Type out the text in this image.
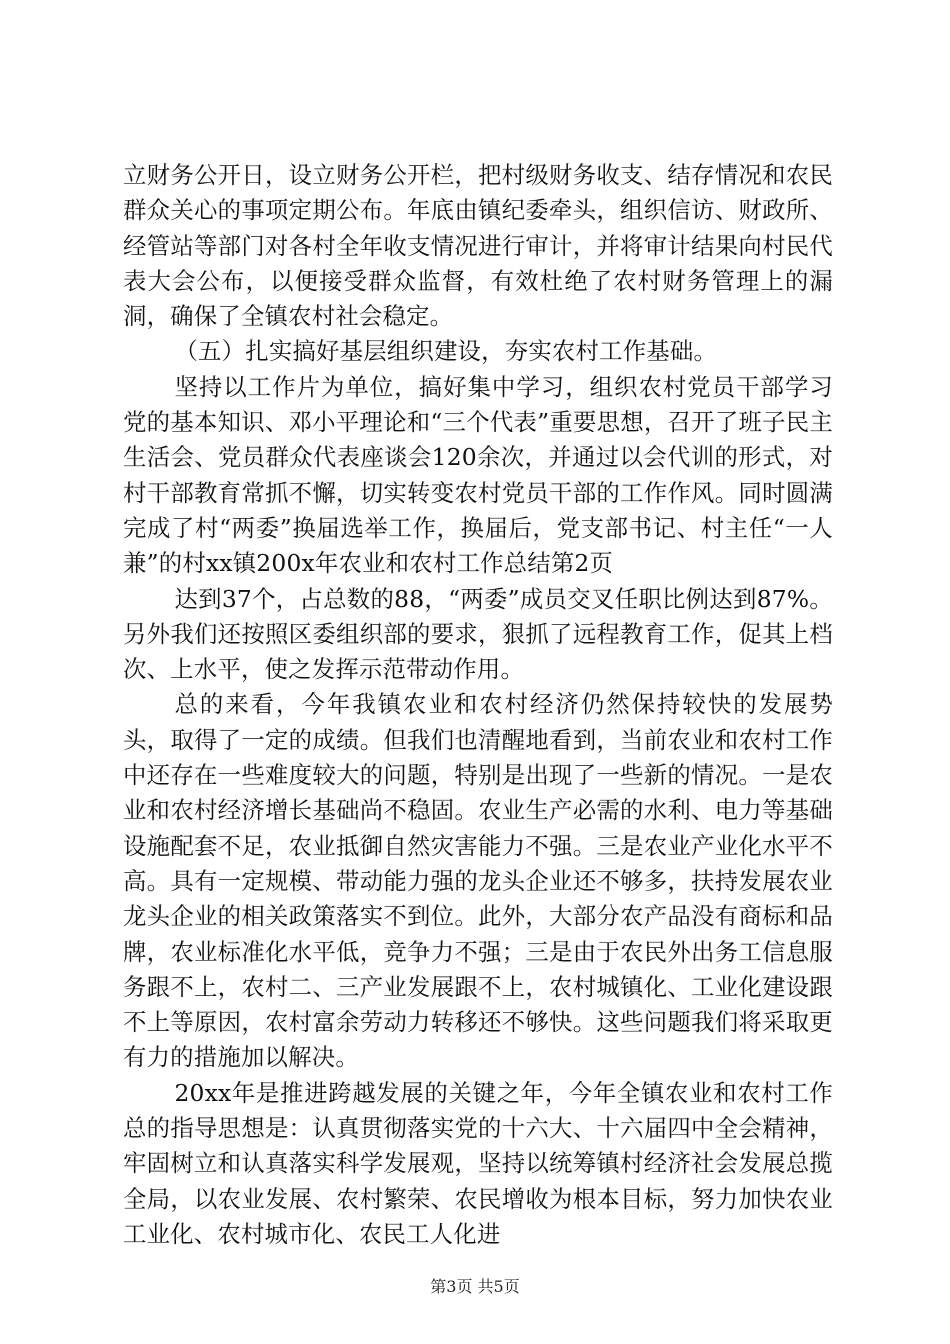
立财务公开日，设立财务公开栏，把村级财务收支、结存情况和农民群众关心的事项定期公布。年底由镇纪委牵头，组织信访、财政所、经管站等部门对各村全年收支情况进行审计，并将审计结果向村民代表大会公布，以便接受群众监督，有效杜绝了农村财务管理上的漏洞，确保了全镇农村社会稳定。

（五）扎实搞好基层组织建设，夯实农村工作基础。

坚持以工作片为单位，搞好集中学习，组织农村党员干部学习党的基本知识、邓小平理论和“三个代表”重要思想，召开了班子民主生活会、党员群众代表座谈会120余次，并通过以会代训的形式，对村干部教育常抓不懈，切实转变农村党员干部的工作作风。同时圆满完成了村“两委”换届选举工作，换届后，党支部书记、村主任“一人兼”的村xx镇200x年农业和农村工作总结第2页

达到37个，占总数的88，“两委”成员交叉任职比例达到87%。另外我们还按照区委组织部的要求，狠抓了远程教育工作，促其上档次、上水平，使之发挥示范带动作用。

总的来看，今年我镇农业和农村经济仍然保持较快的发展势头，取得了一定的成绩。但我们也清醒地看到，当前农业和农村工作中还存在一些难度较大的问题，特别是出现了一些新的情况。一是农业和农村经济增长基础尚不稳固。农业生产必需的水利、电力等基础设施配套不足，农业抵御自然灾害能力不强。三是农业产业化水平不高。具有一定规模、带动能力强的龙头企业还不够多，扶持发展农业龙头企业的相关政策落实不到位。此外，大部分农产品没有商标和品牌，农业标准化水平低，竞争力不强；三是由于农民外出务工信息服务跟不上，农村二、三产业发展跟不上，农村城镇化、工业化建设跟不上等原因，农村富余劳动力转移还不够快。这些问题我们将采取更有力的措施加以解决。

20xx年是推进跨越发展的关键之年，今年全镇农业和农村工作总的指导思想是：认真贯彻落实党的十六大、十六届四中全会精神，牢固树立和认真落实科学发展观，坚持以统筹镇村经济社会发展总揽全局，以农业发展、农村繁荣、农民增收为根本目标，努力加快农业工业化、农村城市化、农民工人化进

第3页 共5页
